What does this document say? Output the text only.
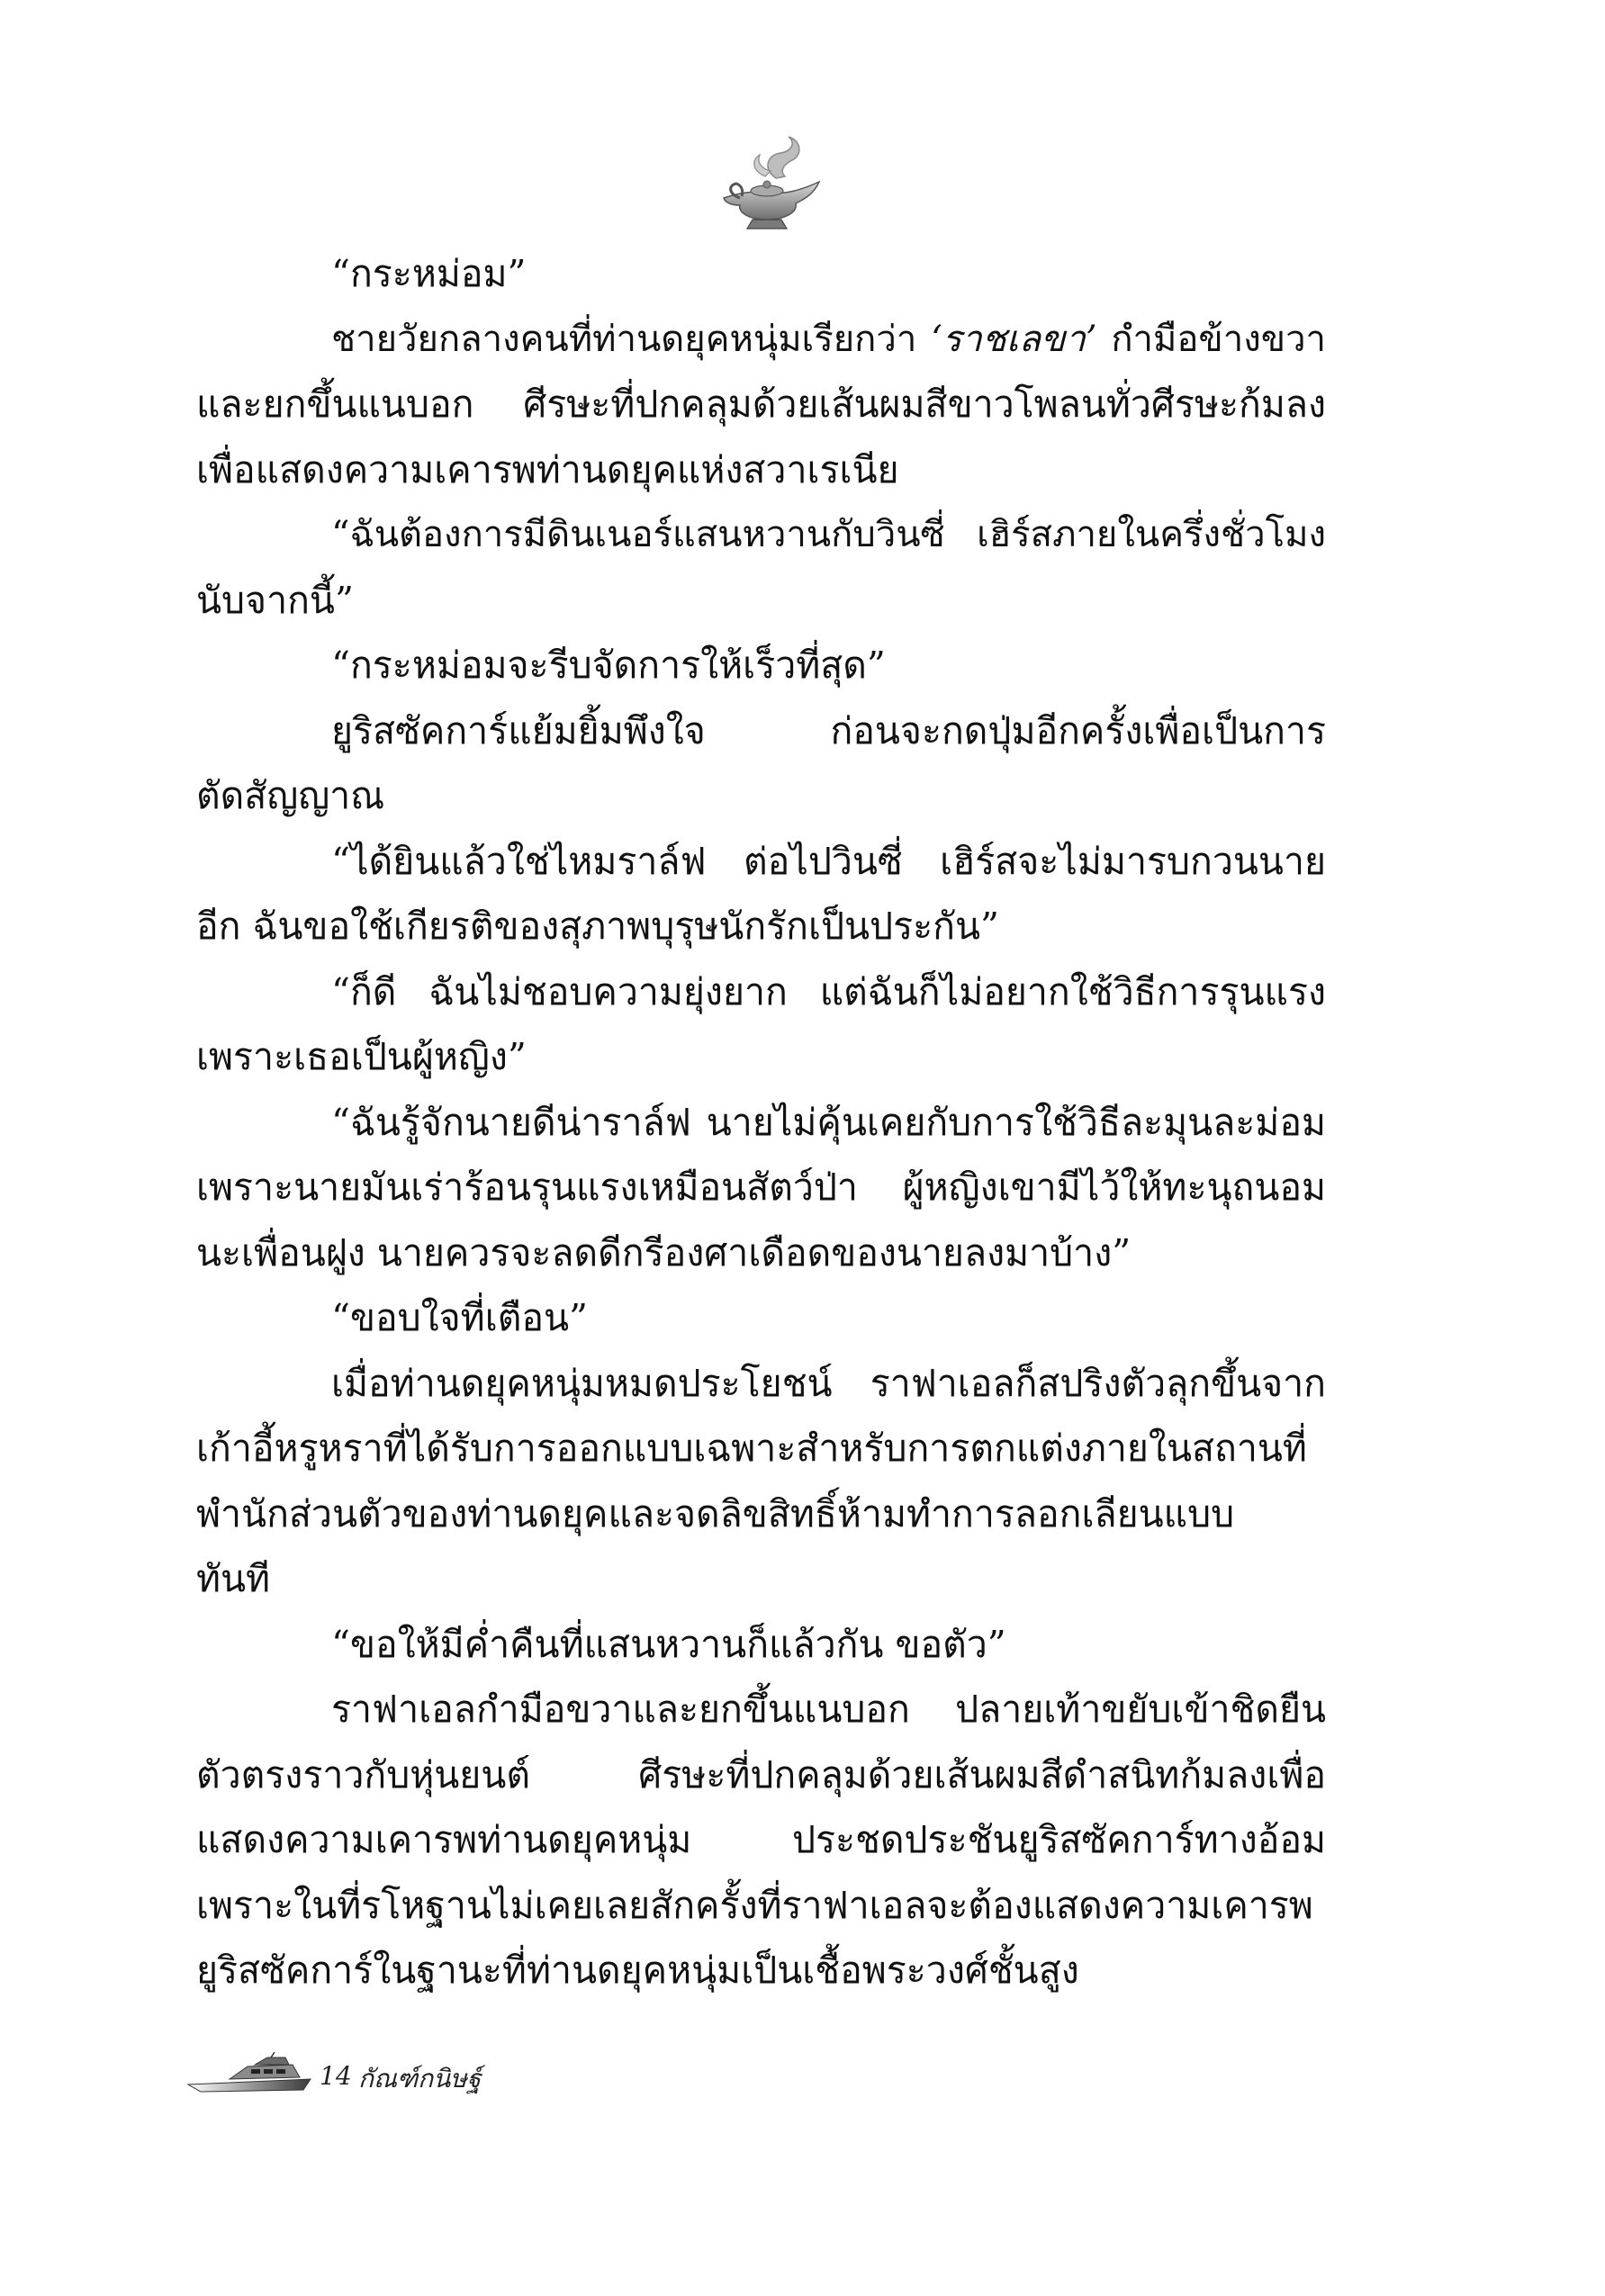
“กระหม่อม”
ชายวัยกลางคนที่ท่านดยุคหนุ่มเรียกว่า ‘ราชเลขา’ กำมือข้างขวา
และยกขึ้นแนบอก ศีรษะที่ปกคลุมด้วยเส้นผมสีขาวโพลนทั่วศีรษะก้มลง
เพื่อแสดงความเคารพท่านดยุคแห่งสวาเรเนีย
“ฉันต้องการมีดินเนอร์แสนหวานกับวินซี่ เฮิร์สภายในครึ่งชั่วโมง
นับจากนี้”
“กระหม่อมจะรีบจัดการให้เร็วที่สุด”
ยูริสซัคการ์แย้มยิ้มพึงใจ ก่อนจะกดปุ่มอีกครั้งเพื่อเป็นการ
ตัดสัญญาณ
“ได้ยินแล้วใช่ไหมราล์ฟ ต่อไปวินซี่ เฮิร์สจะไม่มารบกวนนาย
อีก ฉันขอใช้เกียรติของสุภาพบุรุษนักรักเป็นประกัน”
“ก็ดี ฉันไม่ชอบความยุ่งยาก แต่ฉันก็ไม่อยากใช้วิธีการรุนแรง
เพราะเธอเป็นผู้หญิง”
“ฉันรู้จักนายดีน่าราล์ฟ นายไม่คุ้นเคยกับการใช้วิธีละมุนละม่อม
เพราะนายมันเร่าร้อนรุนแรงเหมือนสัตว์ป่า ผู้หญิงเขามีไว้ให้ทะนุถนอม
นะเพื่อนฝูง นายควรจะลดดีกรีองศาเดือดของนายลงมาบ้าง”
“ขอบใจที่เตือน”
เมื่อท่านดยุคหนุ่มหมดประโยชน์ ราฟาเอลก็สปริงตัวลุกขึ้นจาก
เก้าอี้หรูหราที่ได้รับการออกแบบเฉพาะสำหรับการตกแต่งภายในสถานที่
พำนักส่วนตัวของท่านดยุคและจดลิขสิทธิ์ห้ามทำการลอกเลียนแบบ
ทันที
“ขอให้มีค่ำคืนที่แสนหวานก็แล้วกัน ขอตัว”
ราฟาเอลกำมือขวาและยกขึ้นแนบอก ปลายเท้าขยับเข้าชิดยืน
ตัวตรงราวกับหุ่นยนต์ ศีรษะที่ปกคลุมด้วยเส้นผมสีดำสนิทก้มลงเพื่อ
แสดงความเคารพท่านดยุคหนุ่ม ประชดประชันยูริสซัคการ์ทางอ้อม
เพราะในที่รโหฐานไม่เคยเลยสักครั้งที่ราฟาเอลจะต้องแสดงความเคารพ
ยูริสซัคการ์ในฐานะที่ท่านดยุคหนุ่มเป็นเชื้อพระวงศ์ชั้นสูง
14 กัณฑ์กนิษฐ์
